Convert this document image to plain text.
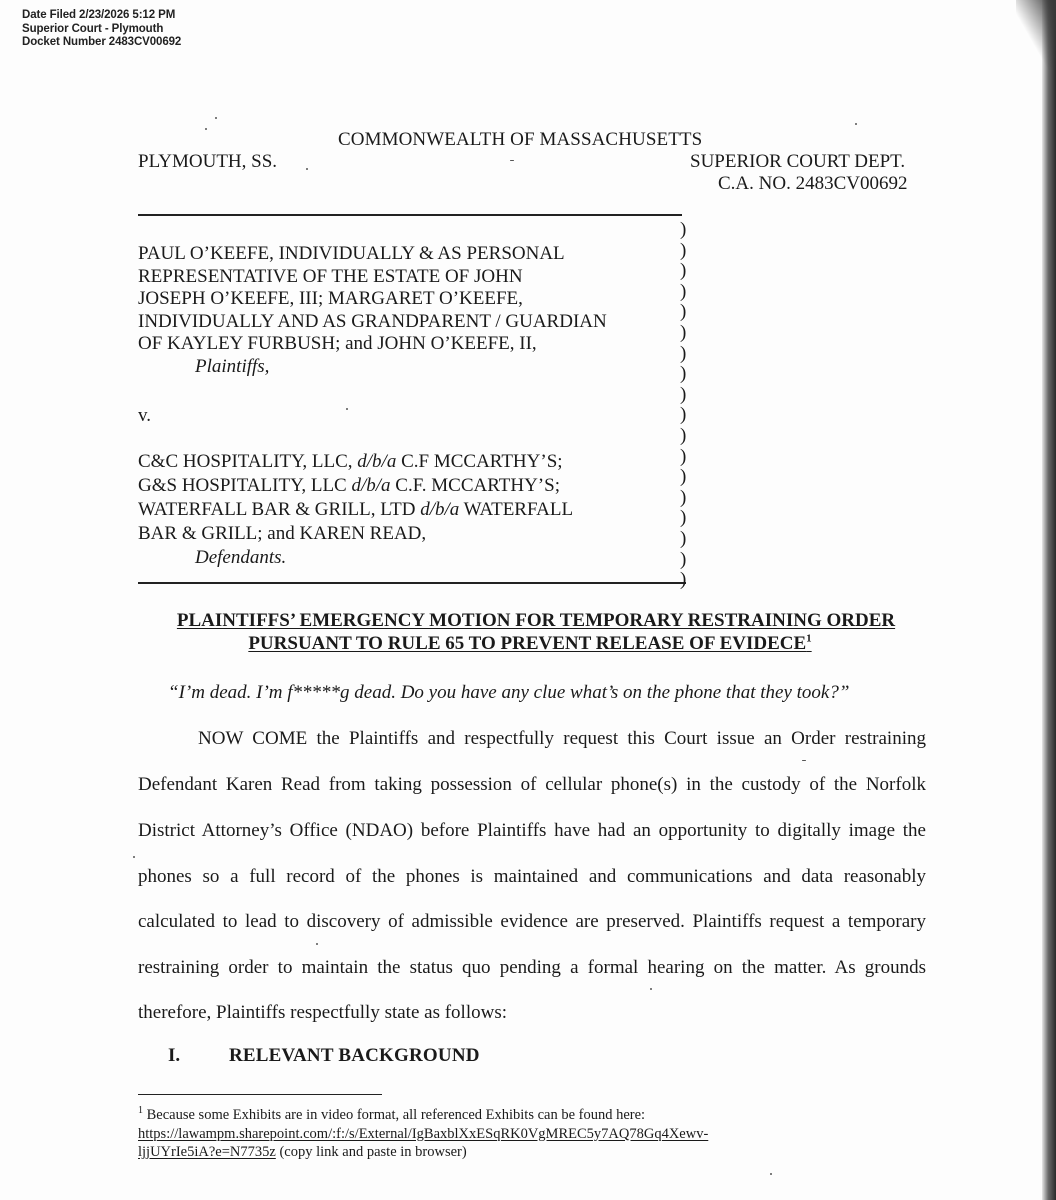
Date Filed 2/23/2026 5:12 PM
Superior Court - Plymouth
Docket Number 2483CV00692
COMMONWEALTH OF MASSACHUSETTS
PLYMOUTH, SS.	SUPERIOR COURT DEPT.
C.A. NO. 2483CV00692
)
)
)
)
)
)
)
)
)
)
)
)
)
)
)
)
)
)
PAUL O’KEEFE, INDIVIDUALLY & AS PERSONAL
REPRESENTATIVE OF THE ESTATE OF JOHN
JOSEPH O’KEEFE, III; MARGARET O’KEEFE,
INDIVIDUALLY AND AS GRANDPARENT / GUARDIAN
OF KAYLEY FURBUSH; and JOHN O’KEEFE, II,
Plaintiffs,
v.
C&C HOSPITALITY, LLC, d/b/a C.F MCCARTHY’S;
G&S HOSPITALITY, LLC d/b/a C.F. MCCARTHY’S;
WATERFALL BAR & GRILL, LTD d/b/a WATERFALL
BAR & GRILL; and KAREN READ,
Defendants.
PLAINTIFFS’ EMERGENCY MOTION FOR TEMPORARY RESTRAINING ORDER
PURSUANT TO RULE 65 TO PREVENT RELEASE OF EVIDECE$^1$
“I’m dead. I’m f*****g dead. Do you have any clue what’s on the phone that they took?”
NOW COME the Plaintiffs and respectfully request this Court issue an Order restraining
Defendant Karen Read from taking possession of cellular phone(s) in the custody of the Norfolk
District Attorney’s Office (NDAO) before Plaintiffs have had an opportunity to digitally image the
phones so a full record of the phones is maintained and communications and data reasonably
calculated to lead to discovery of admissible evidence are preserved. Plaintiffs request a temporary
restraining order to maintain the status quo pending a formal hearing on the matter. As grounds
therefore, Plaintiffs respectfully state as follows:
I.	RELEVANT BACKGROUND
$^1$ Because some Exhibits are in video format, all referenced Exhibits can be found here:
https://lawampm.sharepoint.com/:f:/s/External/IgBaxblXxESqRK0VgMREC5y7AQ78Gq4Xewv-
ljjUYrIe5iA?e=N7735z (copy link and paste in browser)
